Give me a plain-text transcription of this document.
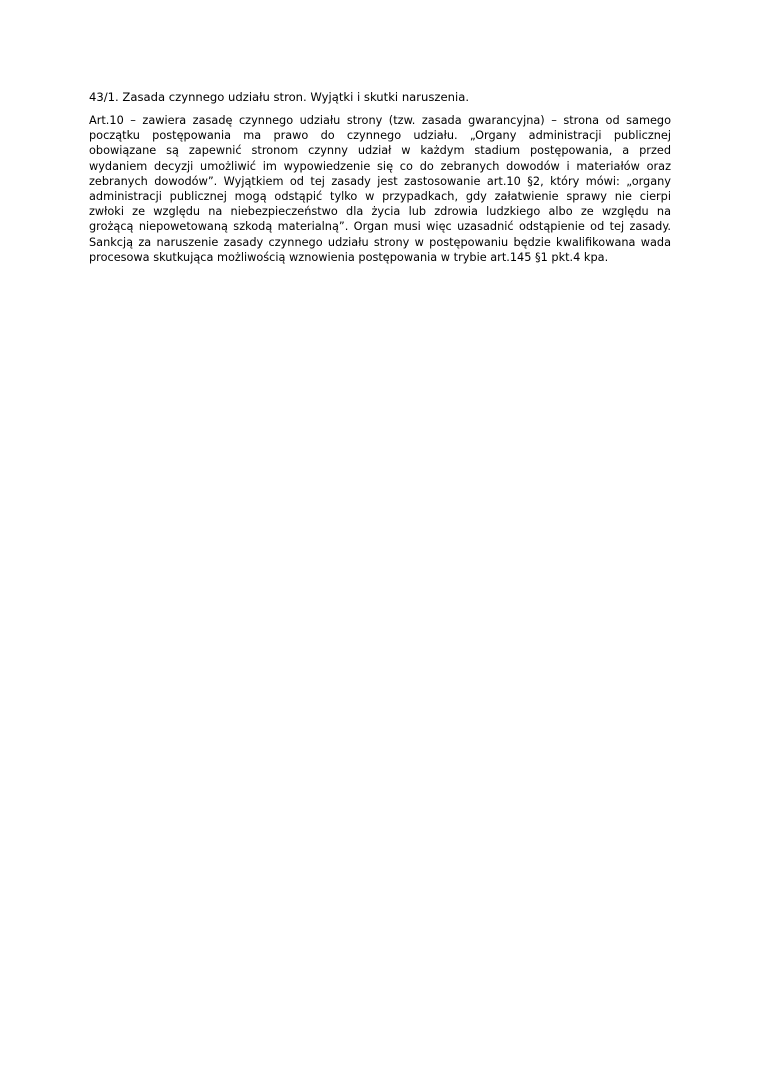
43/1. Zasada czynnego udziału stron. Wyjątki i skutki naruszenia.

Art.10 – zawiera zasadę czynnego udziału strony (tzw. zasada gwarancyjna) – strona od samego
początku postępowania ma prawo do czynnego udziału. „Organy administracji publicznej
obowiązane są zapewnić stronom czynny udział w każdym stadium postępowania, a przed
wydaniem decyzji umożliwić im wypowiedzenie się co do zebranych dowodów i materiałów oraz
zebranych dowodów”. Wyjątkiem od tej zasady jest zastosowanie art.10 §2, który mówi: „organy
administracji publicznej mogą odstąpić tylko w przypadkach, gdy załatwienie sprawy nie cierpi
zwłoki ze względu na niebezpieczeństwo dla życia lub zdrowia ludzkiego albo ze względu na
grożącą niepowetowaną szkodą materialną”. Organ musi więc uzasadnić odstąpienie od tej zasady.
Sankcją za naruszenie zasady czynnego udziału strony w postępowaniu będzie kwalifikowana wada
procesowa skutkująca możliwością wznowienia postępowania w trybie art.145 §1 pkt.4 kpa.
